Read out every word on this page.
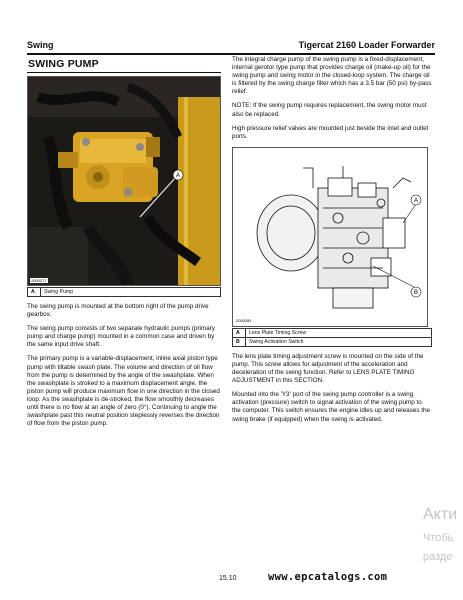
Swing	Tigercat 2160 Loader Forwarder
SWING PUMP
A
2000277
A	Swing Pump

The swing pump is mounted at the bottom right of the pump drive gearbox.

The swing pump consists of two separate hydraulic pumps (primary pump and charge pump) mounted in a common case and driven by the same input drive shaft.

The primary pump is a variable-displacement, inline axial piston type pump with tiltable swash plate. The volume and direction of oil flow from the pump is determined by the angle of the swashplate. When the swashplate is stroked to a maximum displacement angle, the piston pump will produce maximum flow in one direction in the closed loop. As the swashplate is de-stroked, the flow smoothly decreases until there is no flow at an angle of zero (0°). Continuing to angle the swashplate past this neutral position steplessly reverses the direction of flow from the piston pump.

The integral charge pump of the swing pump is a fixed-displacement, internal gerotor type pump that provides charge oil (make-up oil) for the swing pump and swing motor in the closed-loop system. The charge oil is filtered by the swing charge filter which has a 3.5 bar (50 psi) by-pass relief.

NOTE: If the swing pump requires replacement, the swing motor must also be replaced.

High pressure relief valves are mounted just beside the inlet and outlet ports.

A
B
2000281
A	Lens Plate Timing Screw
B	Swing Activation Switch

The lens plate timing adjustment screw is mounted on the side of the pump. This screw allows for adjustment of the acceleration and deceleration of the swing function. Refer to LENS PLATE TIMING ADJUSTMENT in this SECTION.

Mounted into the 'Y3' port of the swing pump controller is a swing activation (pressure) switch to signal activation of the swing pump to the computer. This switch ensures the engine idles up and releases the swing brake (if equipped) when the swing is activated.

15.10	www.epcatalogs.com
Акти
Чтобь
разде
